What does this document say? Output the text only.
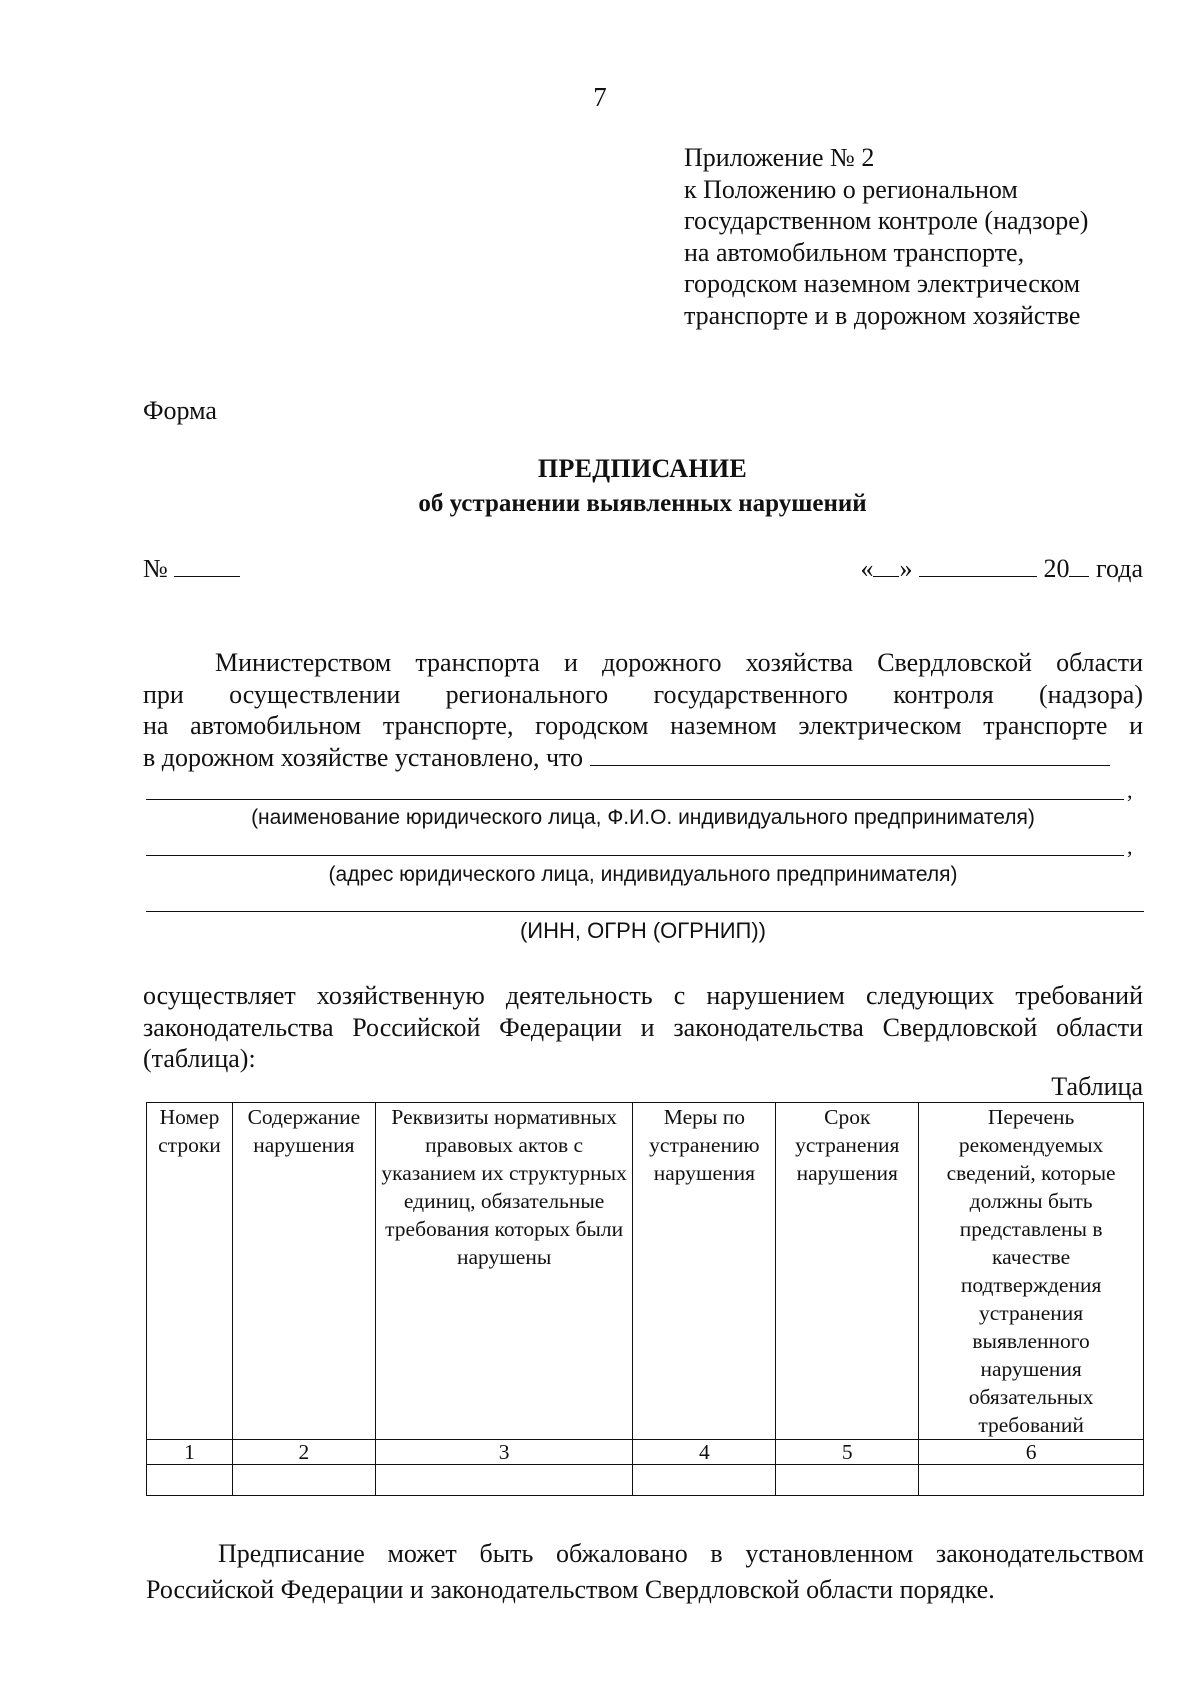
7
Приложение № 2
к Положению о региональном
государственном контроле (надзоре)
на автомобильном транспорте,
городском наземном электрическом
транспорте и в дорожном хозяйстве
Форма
ПРЕДПИСАНИЕ
об устранении выявленных нарушений
№	« »	20 года
Министерством транспорта и дорожного хозяйства Свердловской области
при осуществлении регионального государственного контроля (надзора)
на автомобильном транспорте, городском наземном электрическом транспорте и
в дорожном хозяйстве установлено, что
,
(наименование юридического лица, Ф.И.О. индивидуального предпринимателя)
,
(адрес юридического лица, индивидуального предпринимателя)
(ИНН, ОГРН (ОГРНИП))
осуществляет хозяйственную деятельность с нарушением следующих требований
законодательства Российской Федерации и законодательства Свердловской области
(таблица):
Таблица
Номер строки	Содержание нарушения	Реквизиты нормативных правовых актов с указанием их структурных единиц, обязательные требования которых были нарушены	Меры по устранению нарушения	Срок устранения нарушения	Перечень рекомендуемых сведений, которые должны быть представлены в качестве подтверждения устранения выявленного нарушения обязательных требований
1	2	3	4	5	6

Предписание может быть обжаловано в установленном законодательством
Российской Федерации и законодательством Свердловской области порядке.
